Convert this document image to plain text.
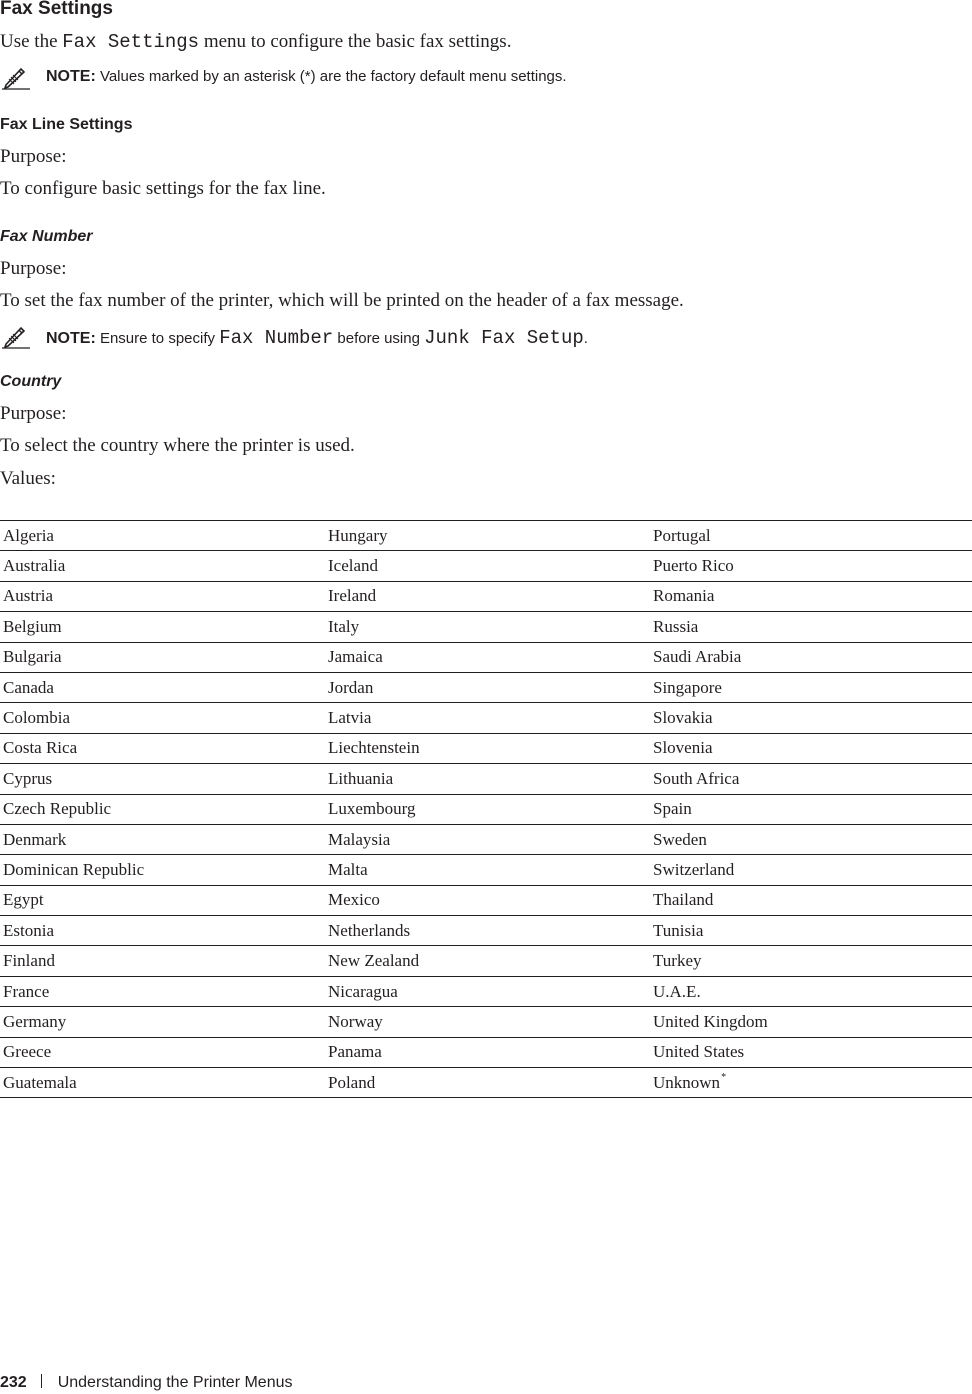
Fax Settings
Use the Fax Settings menu to configure the basic fax settings.
NOTE: Values marked by an asterisk (*) are the factory default menu settings.
Fax Line Settings
Purpose:
To configure basic settings for the fax line.
Fax Number
Purpose:
To set the fax number of the printer, which will be printed on the header of a fax message.
NOTE: Ensure to specify Fax Number before using Junk Fax Setup.
Country
Purpose:
To select the country where the printer is used.
Values:
Algeria	Hungary	Portugal
Australia	Iceland	Puerto Rico
Austria	Ireland	Romania
Belgium	Italy	Russia
Bulgaria	Jamaica	Saudi Arabia
Canada	Jordan	Singapore
Colombia	Latvia	Slovakia
Costa Rica	Liechtenstein	Slovenia
Cyprus	Lithuania	South Africa
Czech Republic	Luxembourg	Spain
Denmark	Malaysia	Sweden
Dominican Republic	Malta	Switzerland
Egypt	Mexico	Thailand
Estonia	Netherlands	Tunisia
Finland	New Zealand	Turkey
France	Nicaragua	U.A.E.
Germany	Norway	United Kingdom
Greece	Panama	United States
Guatemala	Poland	Unknown*
232 Understanding the Printer Menus
